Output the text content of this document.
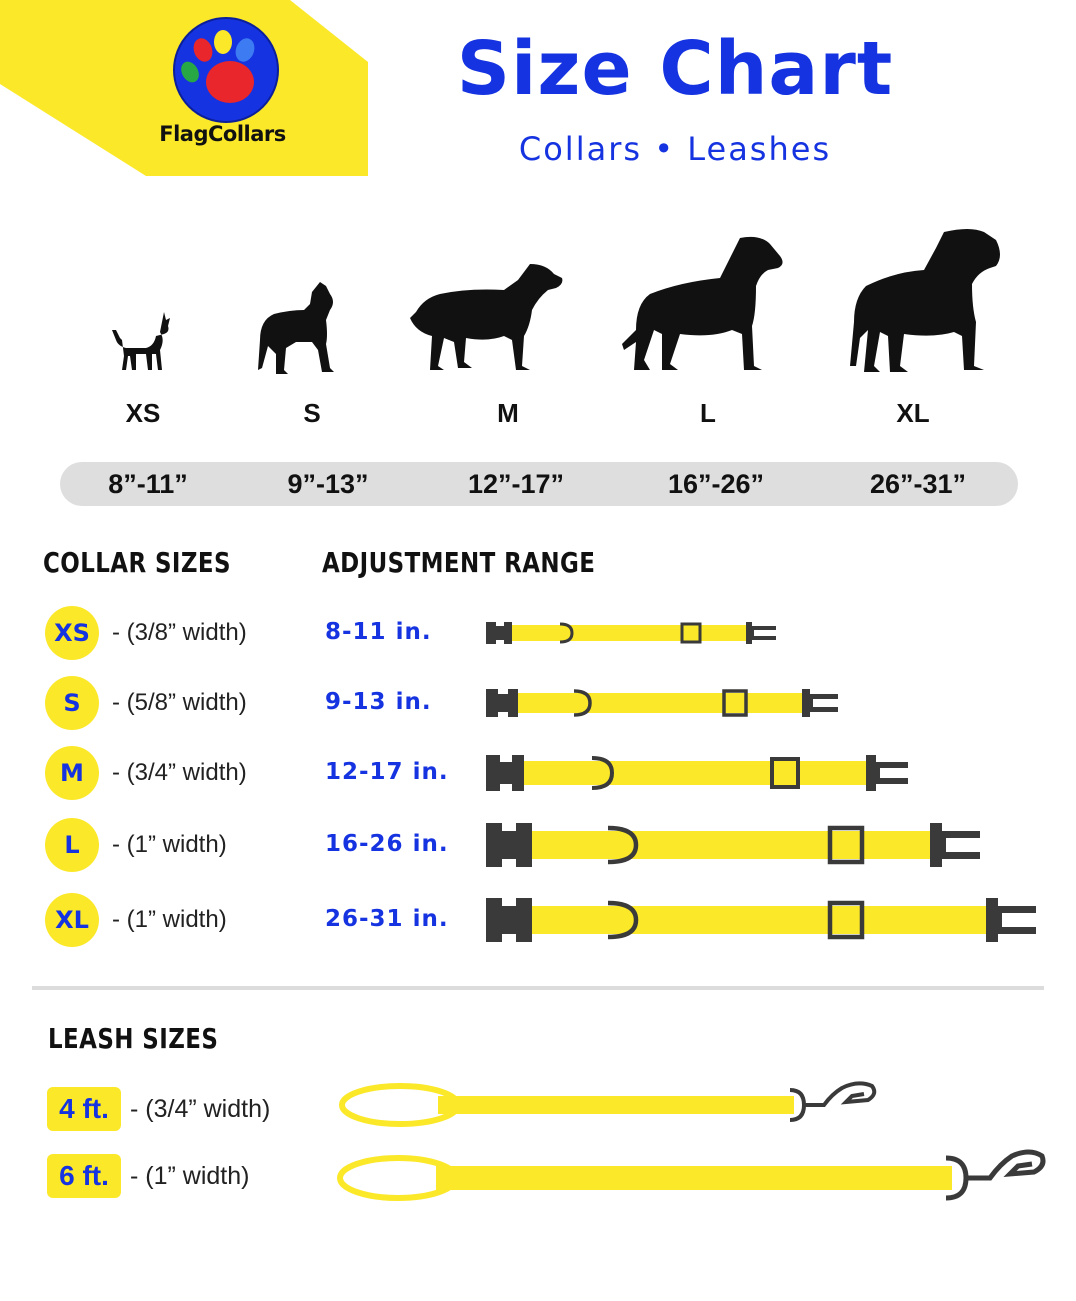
FlagCollars
Size Chart
Collars • Leashes
XS	S	M	L	XL
8”-11”	9”-13”	12”-17”	16”-26”	26”-31”
COLLAR SIZES	ADJUSTMENT RANGE
XS - (3/8” width)	8-11 in.
S	- (5/8” width)	9-13 in.
M	- (3/4” width)	12-17 in.
L	- (1” width)	16-26 in.
XL - (1” width)	26-31 in.
LEASH SIZES
4 ft. - (3/4” width)
6 ft. - (1” width)
